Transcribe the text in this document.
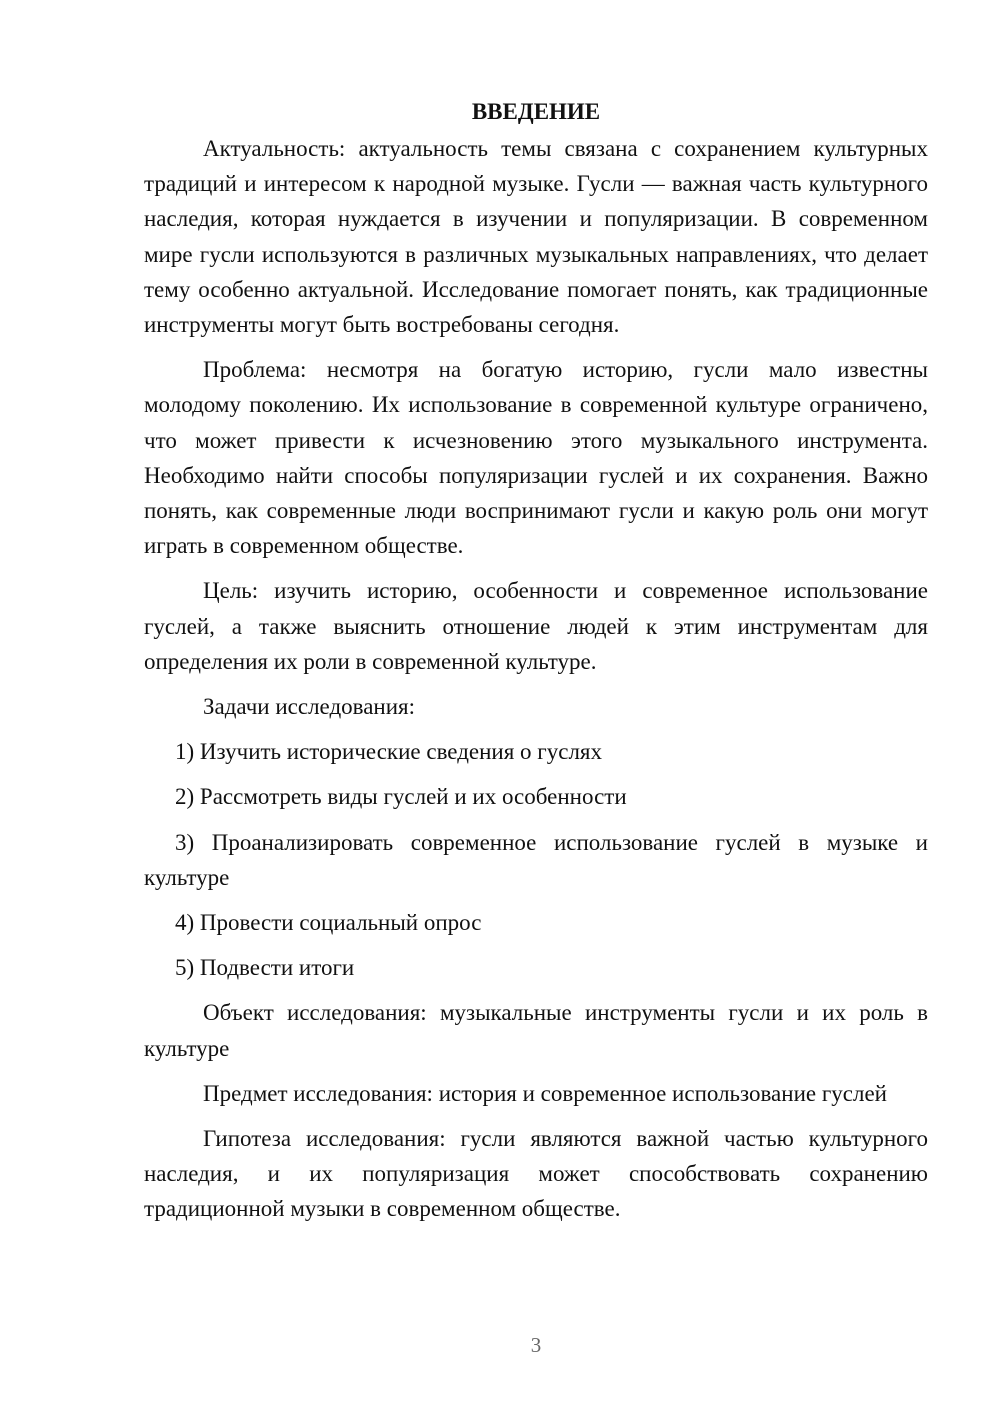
ВВЕДЕНИЕ

Актуальность: актуальность темы связана с сохранением культурных традиций и интересом к народной музыке. Гусли — важная часть культурного наследия, которая нуждается в изучении и популяризации. В современном мире гусли используются в различных музыкальных направлениях, что делает тему особенно актуальной. Исследование помогает понять, как традиционные инструменты могут быть востребованы сегодня.

Проблема: несмотря на богатую историю, гусли мало известны молодому поколению. Их использование в современной культуре ограничено, что может привести к исчезновению этого музыкального инструмента. Необходимо найти способы популяризации гуслей и их сохранения. Важно понять, как современные люди воспринимают гусли и какую роль они могут играть в современном обществе.

Цель: изучить историю, особенности и современное использование гуслей, а также выяснить отношение людей к этим инструментам для определения их роли в современной культуре.

Задачи исследования:

1) Изучить исторические сведения о гуслях

2) Рассмотреть виды гуслей и их особенности

3) Проанализировать современное использование гуслей в музыке и культуре

4) Провести социальный опрос

5) Подвести итоги

Объект исследования: музыкальные инструменты гусли и их роль в культуре

Предмет исследования: история и современное использование гуслей

Гипотеза исследования: гусли являются важной частью культурного наследия, и их популяризация может способствовать сохранению традиционной музыки в современном обществе.

3
